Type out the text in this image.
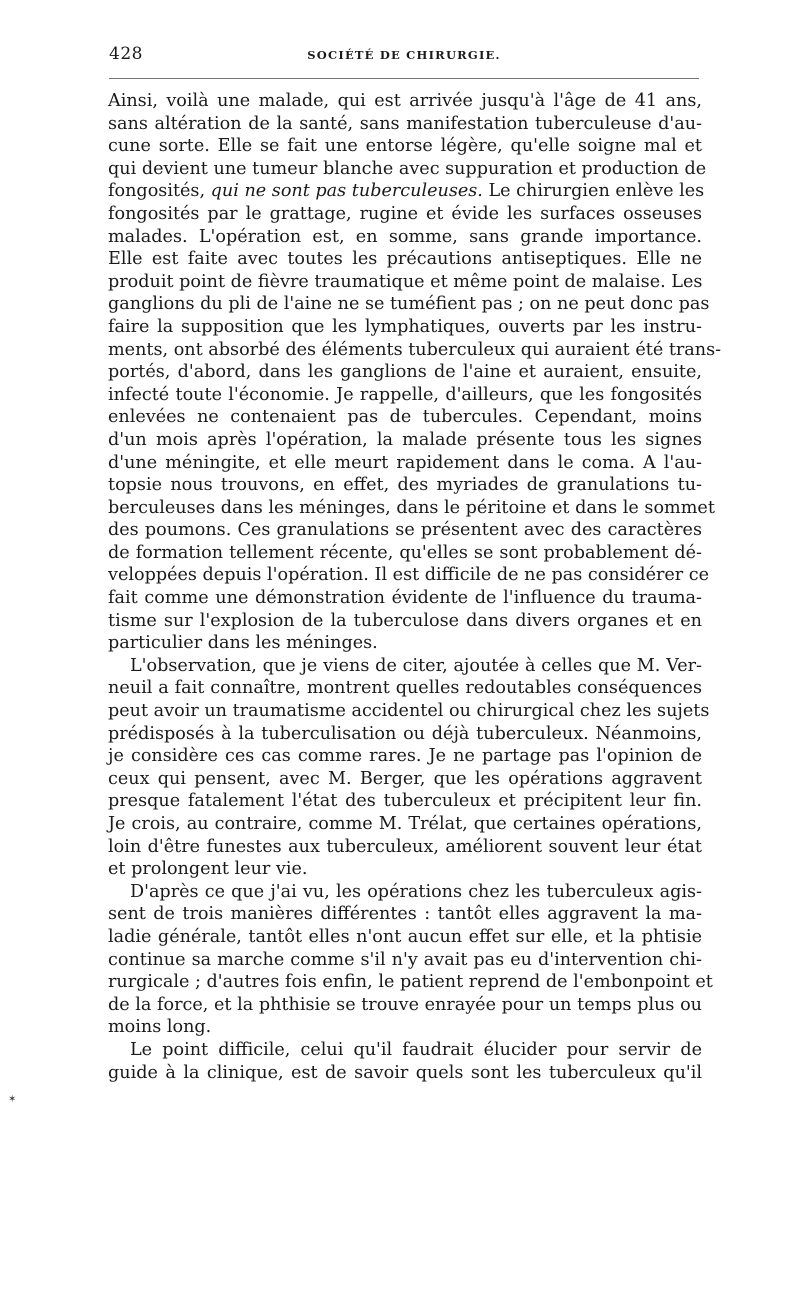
428	SOCIÉTÉ DE CHIRURGIE.
Ainsi, voilà une malade, qui est arrivée jusqu'à l'âge de 41 ans,
sans altération de la santé, sans manifestation tuberculeuse d'au-
cune sorte. Elle se fait une entorse légère, qu'elle soigne mal et
qui devient une tumeur blanche avec suppuration et production de
fongosités, qui ne sont pas tuberculeuses. Le chirurgien enlève les
fongosités par le grattage, rugine et évide les surfaces osseuses
malades. L'opération est, en somme, sans grande importance.
Elle est faite avec toutes les précautions antiseptiques. Elle ne
produit point de fièvre traumatique et même point de malaise. Les
ganglions du pli de l'aine ne se tuméfient pas ; on ne peut donc pas
faire la supposition que les lymphatiques, ouverts par les instru-
ments, ont absorbé des éléments tuberculeux qui auraient été trans-
portés, d'abord, dans les ganglions de l'aine et auraient, ensuite,
infecté toute l'économie. Je rappelle, d'ailleurs, que les fongosités
enlevées ne contenaient pas de tubercules. Cependant, moins
d'un mois après l'opération, la malade présente tous les signes
d'une méningite, et elle meurt rapidement dans le coma. A l'au-
topsie nous trouvons, en effet, des myriades de granulations tu-
berculeuses dans les méninges, dans le péritoine et dans le sommet
des poumons. Ces granulations se présentent avec des caractères
de formation tellement récente, qu'elles se sont probablement dé-
veloppées depuis l'opération. Il est difficile de ne pas considérer ce
fait comme une démonstration évidente de l'influence du trauma-
tisme sur l'explosion de la tuberculose dans divers organes et en
particulier dans les méninges.
L'observation, que je viens de citer, ajoutée à celles que M. Ver-
neuil a fait connaître, montrent quelles redoutables conséquences
peut avoir un traumatisme accidentel ou chirurgical chez les sujets
prédisposés à la tuberculisation ou déjà tuberculeux. Néanmoins,
je considère ces cas comme rares. Je ne partage pas l'opinion de
ceux qui pensent, avec M. Berger, que les opérations aggravent
presque fatalement l'état des tuberculeux et précipitent leur fin.
Je crois, au contraire, comme M. Trélat, que certaines opérations,
loin d'être funestes aux tuberculeux, améliorent souvent leur état
et prolongent leur vie.
D'après ce que j'ai vu, les opérations chez les tuberculeux agis-
sent de trois manières différentes : tantôt elles aggravent la ma-
ladie générale, tantôt elles n'ont aucun effet sur elle, et la phtisie
continue sa marche comme s'il n'y avait pas eu d'intervention chi-
rurgicale ; d'autres fois enfin, le patient reprend de l'embonpoint et
de la force, et la phthisie se trouve enrayée pour un temps plus ou
moins long.
Le point difficile, celui qu'il faudrait élucider pour servir de
guide à la clinique, est de savoir quels sont les tuberculeux qu'il
✶
